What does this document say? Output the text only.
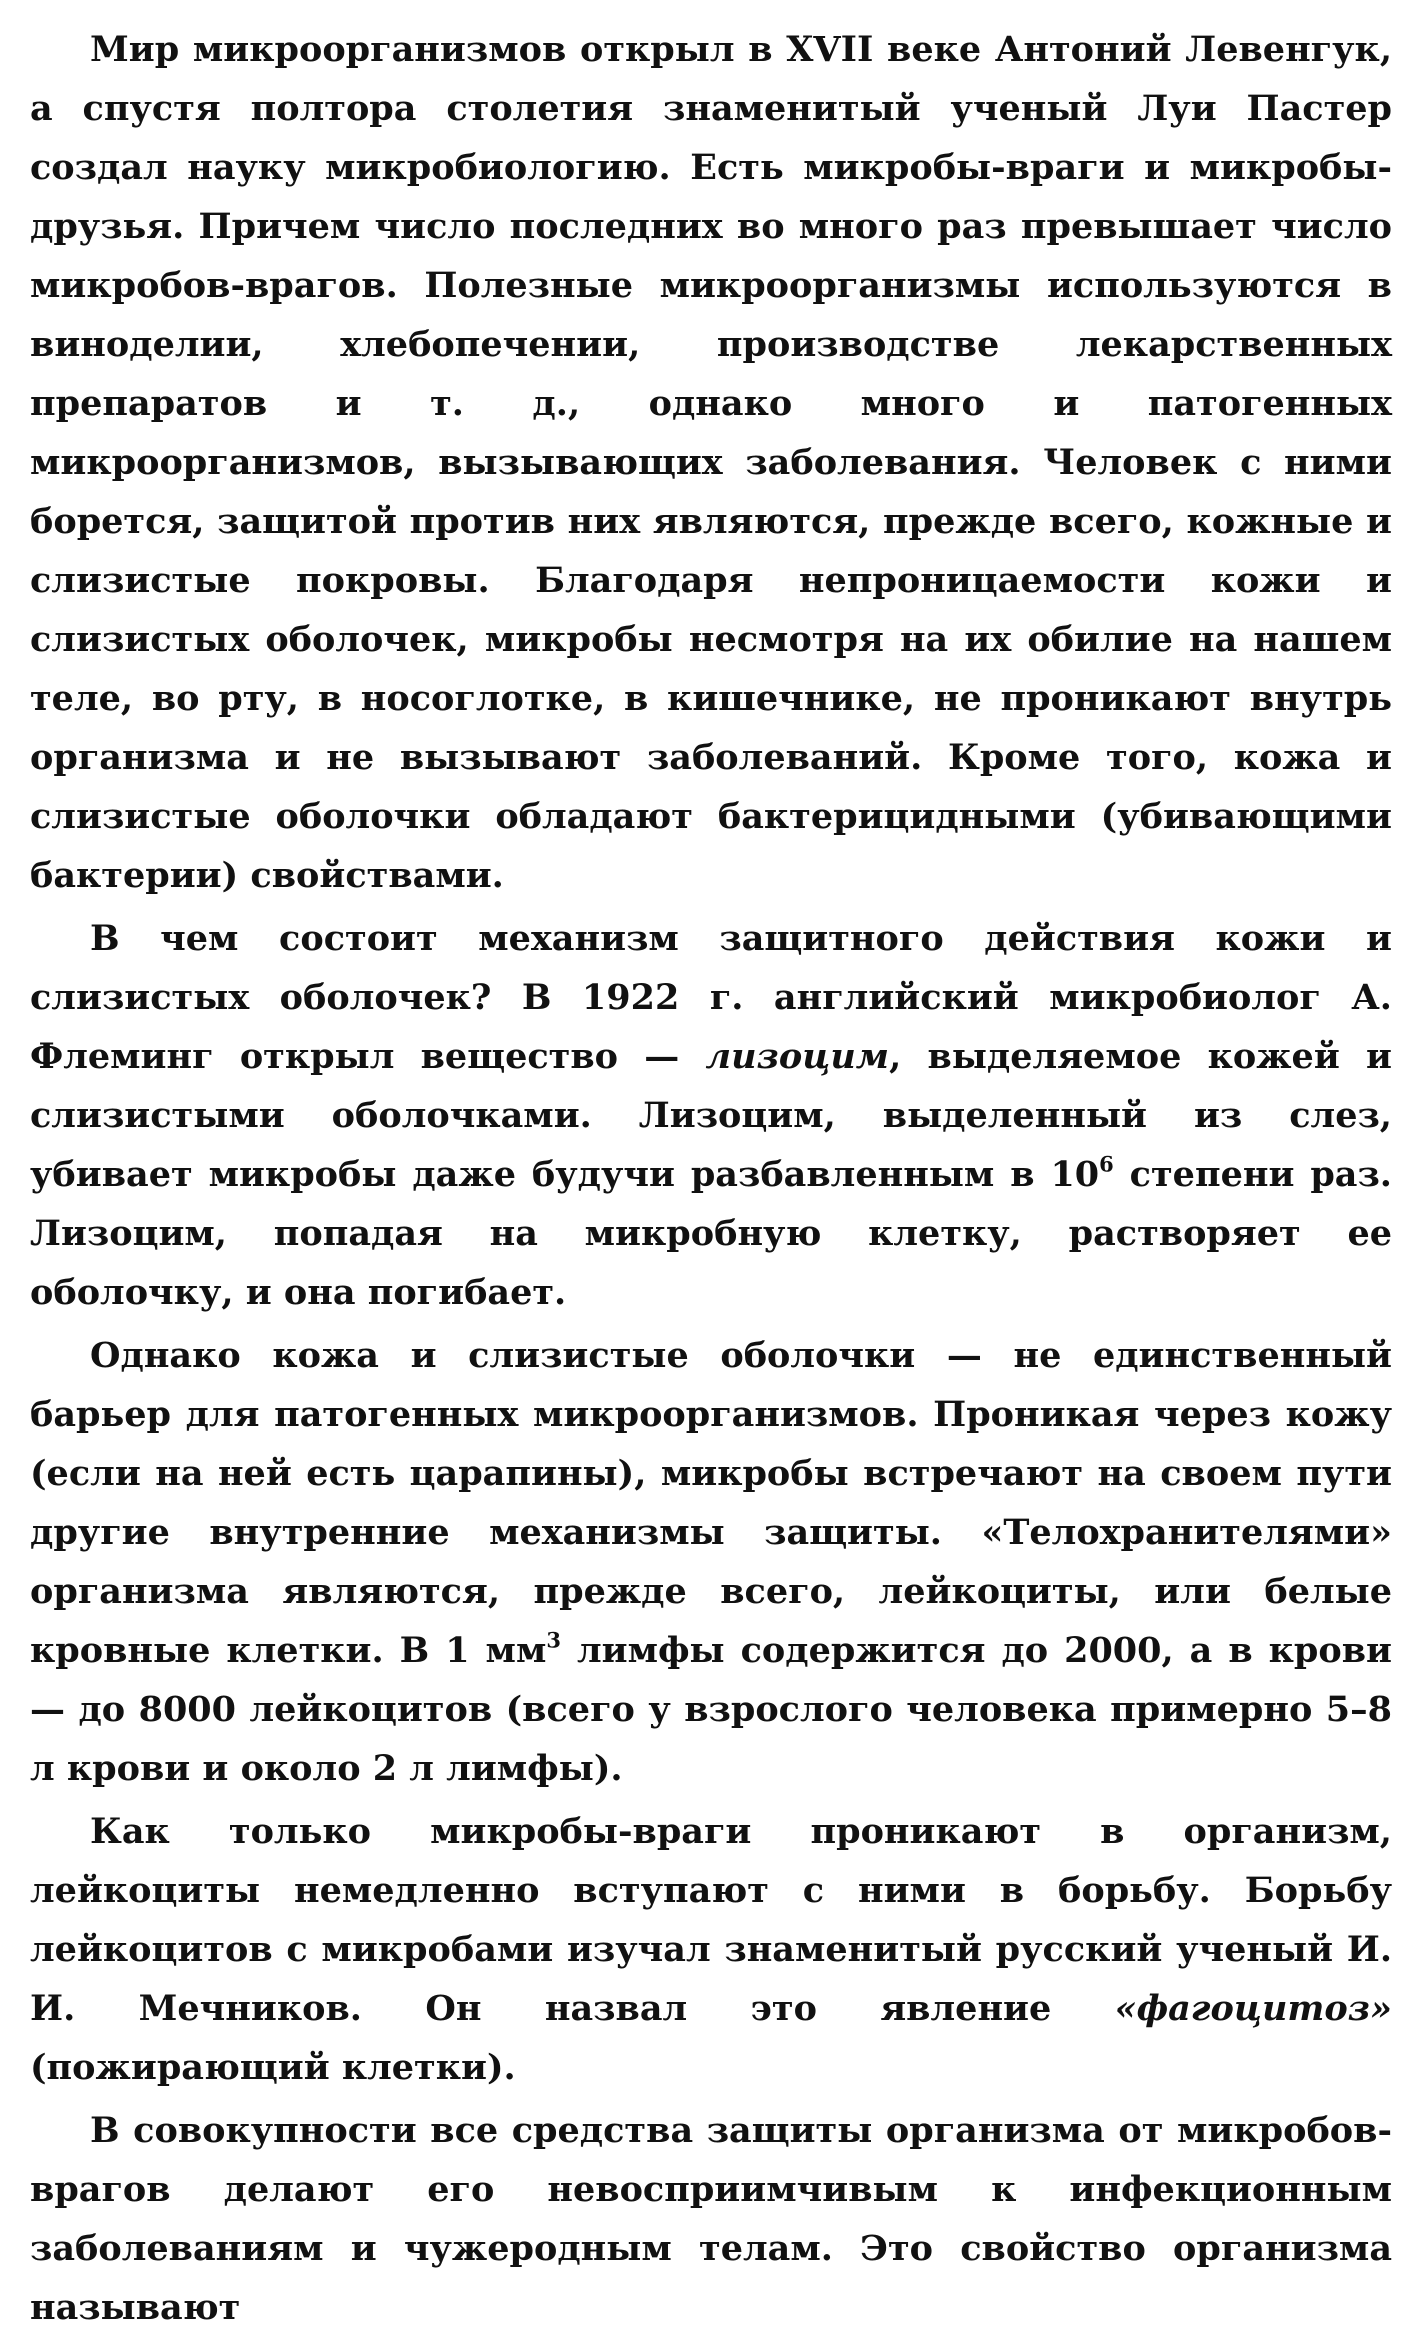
Мир микроорганизмов открыл в XVII веке Антоний Левенгук, а спустя полтора столетия знаменитый ученый Луи Пастер создал науку микробиологию. Есть микробы-враги и микробы-друзья. Причем число последних во много раз превышает число микробов-врагов. Полезные микроорганизмы используются в виноделии, хлебопечении, производстве лекарственных препаратов и т. д., однако много и патогенных микроорганизмов, вызывающих заболевания. Человек с ними борется, защитой против них являются, прежде всего, кожные и слизистые покровы. Благодаря непроницаемости кожи и слизистых оболочек, микробы несмотря на их обилие на нашем теле, во рту, в носоглотке, в кишечнике, не проникают внутрь организма и не вызывают заболеваний. Кроме того, кожа и слизистые оболочки обладают бактерицидными (убивающими бактерии) свойствами.

В чем состоит механизм защитного действия кожи и слизистых оболочек? В 1922 г. английский микробиолог А. Флеминг открыл вещество — лизоцим, выделяемое кожей и слизистыми оболочками. Лизоцим, выделенный из слез, убивает микробы даже будучи разбавленным в $10^6$ степени раз. Лизоцим, попадая на микробную клетку, растворяет ее оболочку, и она погибает.

Однако кожа и слизистые оболочки — не единственный барьер для патогенных микроорганизмов. Проникая через кожу (если на ней есть царапины), микробы встречают на своем пути другие внутренние механизмы защиты. «Телохранителями» организма являются, прежде всего, лейкоциты, или белые кровные клетки. В 1 $мм^3$ лимфы содержится до 2000, а в крови — до 8000 лейкоцитов (всего у взрослого человека примерно 5–8 л крови и около 2 л лимфы).

Как только микробы-враги проникают в организм, лейкоциты немедленно вступают с ними в борьбу. Борьбу лейкоцитов с микробами изучал знаменитый русский ученый И. И. Мечников. Он назвал это явление «фагоцитоз» (пожирающий клетки).

В совокупности все средства защиты организма от микробов-врагов делают его невосприимчивым к инфекционным заболеваниям и чужеродным телам. Это свойство организма называют
